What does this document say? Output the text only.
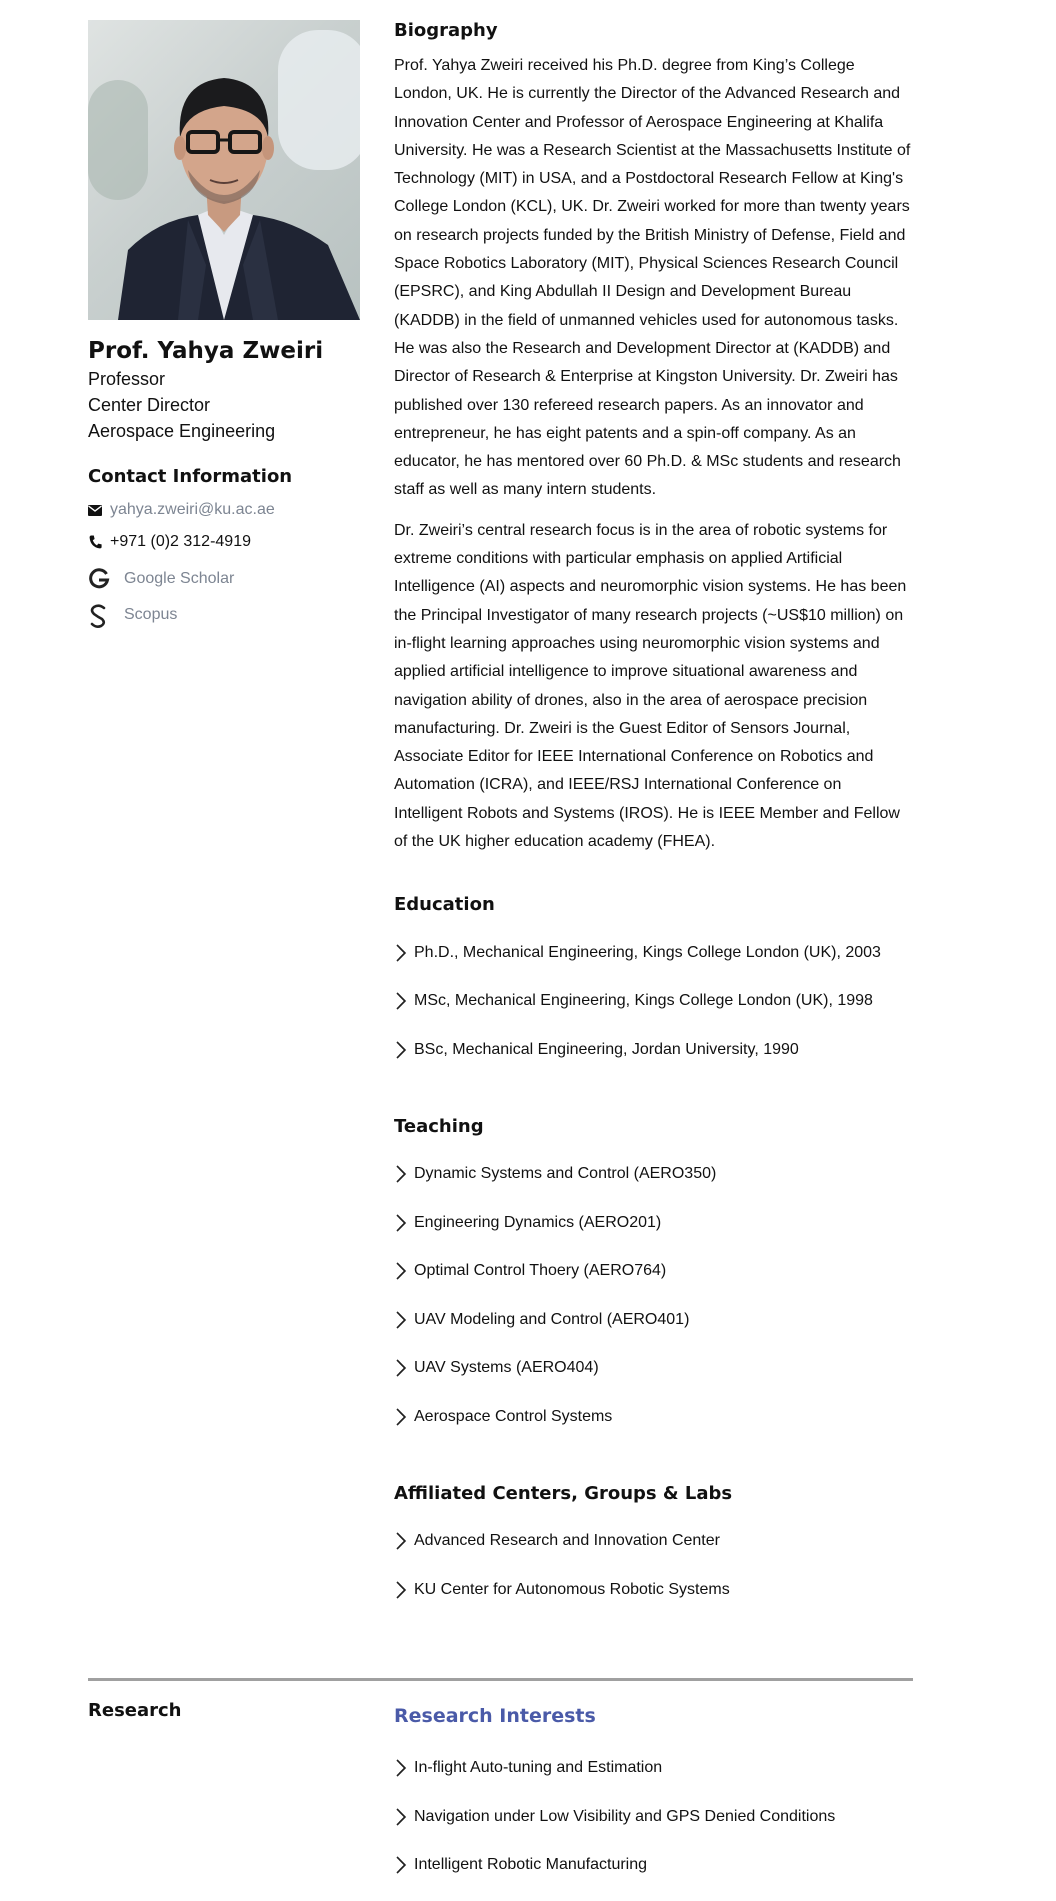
Prof. Yahya Zweiri
Professor
Center Director
Aerospace Engineering
Contact Information
yahya.zweiri@ku.ac.ae
+971 (0)2 312-4919
Google Scholar
Scopus
Biography

Prof. Yahya Zweiri received his Ph.D. degree from King’s College London, UK. He is currently the Director of the Advanced Research and Innovation Center and Professor of Aerospace Engineering at Khalifa University. He was a Research Scientist at the Massachusetts Institute of Technology (MIT) in USA, and a Postdoctoral Research Fellow at King's College London (KCL), UK. Dr. Zweiri worked for more than twenty years on research projects funded by the British Ministry of Defense, Field and Space Robotics Laboratory (MIT), Physical Sciences Research Council (EPSRC), and King Abdullah II Design and Development Bureau (KADDB) in the field of unmanned vehicles used for autonomous tasks. He was also the Research and Development Director at (KADDB) and Director of Research & Enterprise at Kingston University. Dr. Zweiri has published over 130 refereed research papers. As an innovator and entrepreneur, he has eight patents and a spin-off company. As an educator, he has mentored over 60 Ph.D. & MSc students and research staff as well as many intern students.

Dr. Zweiri’s central research focus is in the area of robotic systems for extreme conditions with particular emphasis on applied Artificial Intelligence (AI) aspects and neuromorphic vision systems. He has been the Principal Investigator of many research projects (~US$10 million) on in-flight learning approaches using neuromorphic vision systems and applied artificial intelligence to improve situational awareness and navigation ability of drones, also in the area of aerospace precision manufacturing. Dr. Zweiri is the Guest Editor of Sensors Journal, Associate Editor for IEEE International Conference on Robotics and Automation (ICRA), and IEEE/RSJ International Conference on Intelligent Robots and Systems (IROS). He is IEEE Member and Fellow of the UK higher education academy (FHEA).

Education
Ph.D., Mechanical Engineering, Kings College London (UK), 2003
MSc, Mechanical Engineering, Kings College London (UK), 1998
BSc, Mechanical Engineering, Jordan University, 1990
Teaching
Dynamic Systems and Control (AERO350)
Engineering Dynamics (AERO201)
Optimal Control Thoery (AERO764)
UAV Modeling and Control (AERO401)
UAV Systems (AERO404)
Aerospace Control Systems
Affiliated Centers, Groups & Labs
Advanced Research and Innovation Center
KU Center for Autonomous Robotic Systems
Research	Research Interests
In-flight Auto-tuning and Estimation
Navigation under Low Visibility and GPS Denied Conditions
Intelligent Robotic Manufacturing
